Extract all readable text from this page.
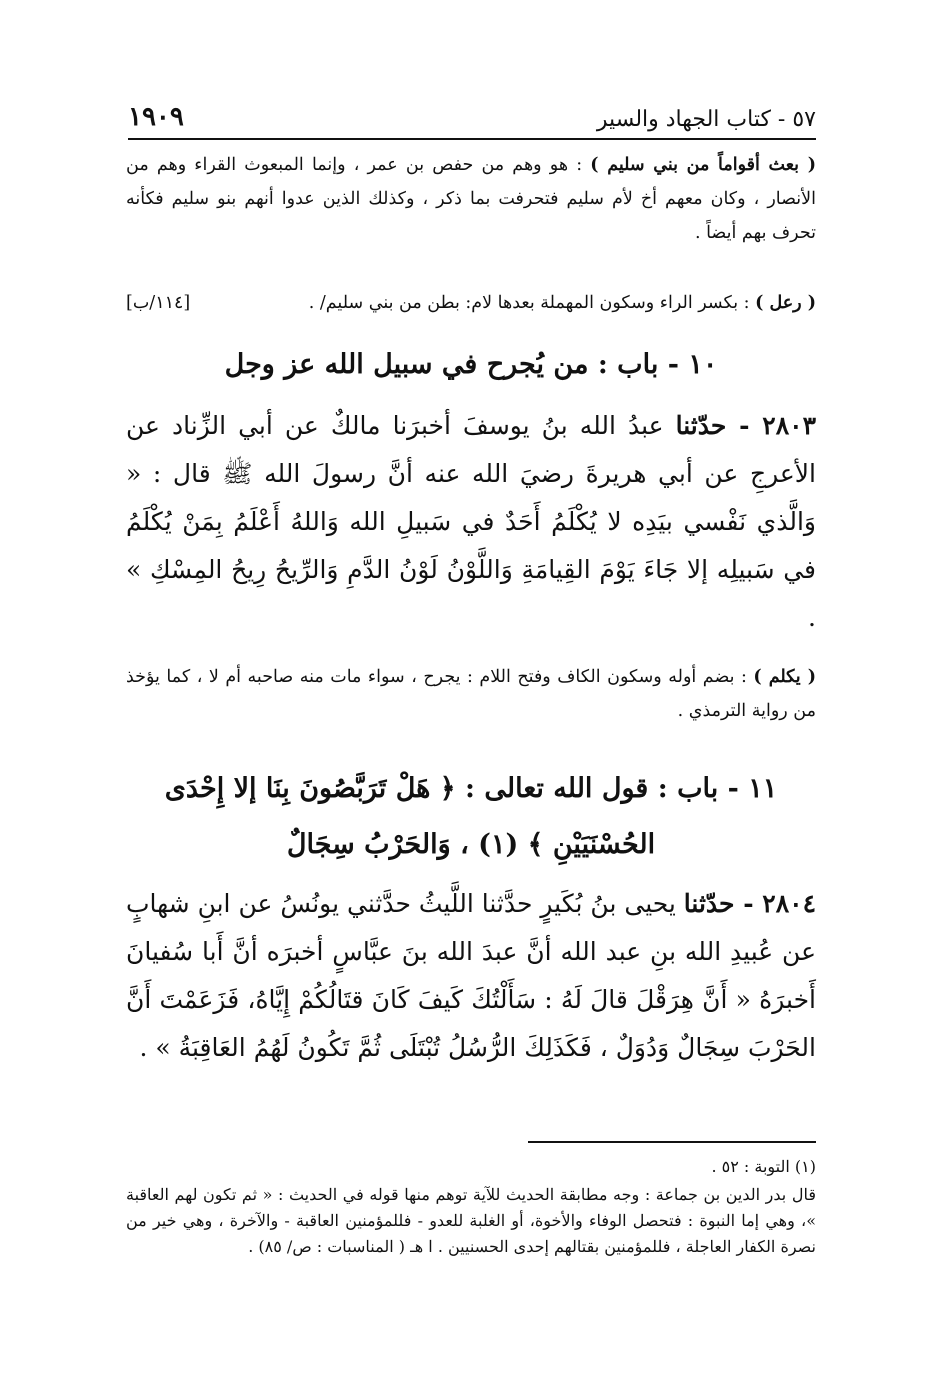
٥٧ - كتاب الجهاد والسير
١٩٠٩
( بعث أقواماً من بني سليم ) : هو وهم من حفص بن عمر ، وإنما المبعوث القراء وهم من الأنصار ، وكان معهم أخ لأم سليم فتحرفت بما ذكر ، وكذلك الذين عدوا أنهم بنو سليم فكأنه تحرف بهم أيضاً .
( رعل ) : بكسر الراء وسكون المهملة بعدها لام: بطن من بني سليم/ .
[١١٤/ب]
١٠ - باب : من يُجرح في سبيل الله عز وجل
٢٨٠٣ - حدّثنا عبدُ الله بنُ يوسفَ أخبرَنا مالكٌ عن أبي الزِّناد عن الأعرجِ عن أبي هريرةَ رضيَ الله عنه أنَّ رسولَ الله ﷺ قال : « وَالَّذي نَفْسي بيَدِه لا يُكْلَمُ أَحَدٌ في سَبيلِ الله وَاللهُ أَعْلَمُ بِمَنْ يُكْلَمُ في سَبيلِه إلا جَاءَ يَوْمَ القِيامَةِ وَاللَّوْنُ لَوْنُ الدَّمِ وَالرِّيحُ رِيحُ المِسْكِ » .
( يكلم ) : بضم أوله وسكون الكاف وفتح اللام : يجرح ، سواء مات منه صاحبه أم لا ، كما يؤخذ من رواية الترمذي .
١١ - باب : قول الله تعالى : ﴿ هَلْ تَرَبَّصُونَ بِنَا إلا إِحْدَى
الحُسْنَيَيْنِ ﴾ (١) ، وَالحَرْبُ سِجَالٌ
٢٨٠٤ - حدّثنا يحيى بنُ بُكَيرٍ حدَّثنا اللَّيثُ حدَّثني يونُسُ عن ابنِ شهابٍ عن عُبيدِ الله بنِ عبد الله أنَّ عبدَ الله بنَ عبَّاسٍ أخبرَه أنَّ أَبا سُفيانَ أَخبرَهُ « أَنَّ هِرَقْلَ قالَ لَهُ : سَأَلْتُكَ كَيفَ كَانَ قتَالُكُمْ إِيَّاهُ، فَزَعَمْتَ أَنَّ الحَرْبَ سِجَالٌ وَدُوَلٌ ، فَكَذَلِكَ الرُّسُلُ تُبْتَلَى ثُمَّ تَكُونُ لَهُمُ العَاقِبَةُ » .
(١) التوبة : ٥٢ .
قال بدر الدين بن جماعة : وجه مطابقة الحديث للآية توهم منها قوله في الحديث : « ثم تكون لهم العاقبة »، وهي إما النبوة : فتحصل الوفاء والأخوة، أو الغلبة للعدو - فللمؤمنين العاقبة - والآخرة ، وهي خير من نصرة الكفار العاجلة ، فللمؤمنين بقتالهم إحدى الحسنيين . ا هـ ( المناسبات : ص/ ٨٥) .
